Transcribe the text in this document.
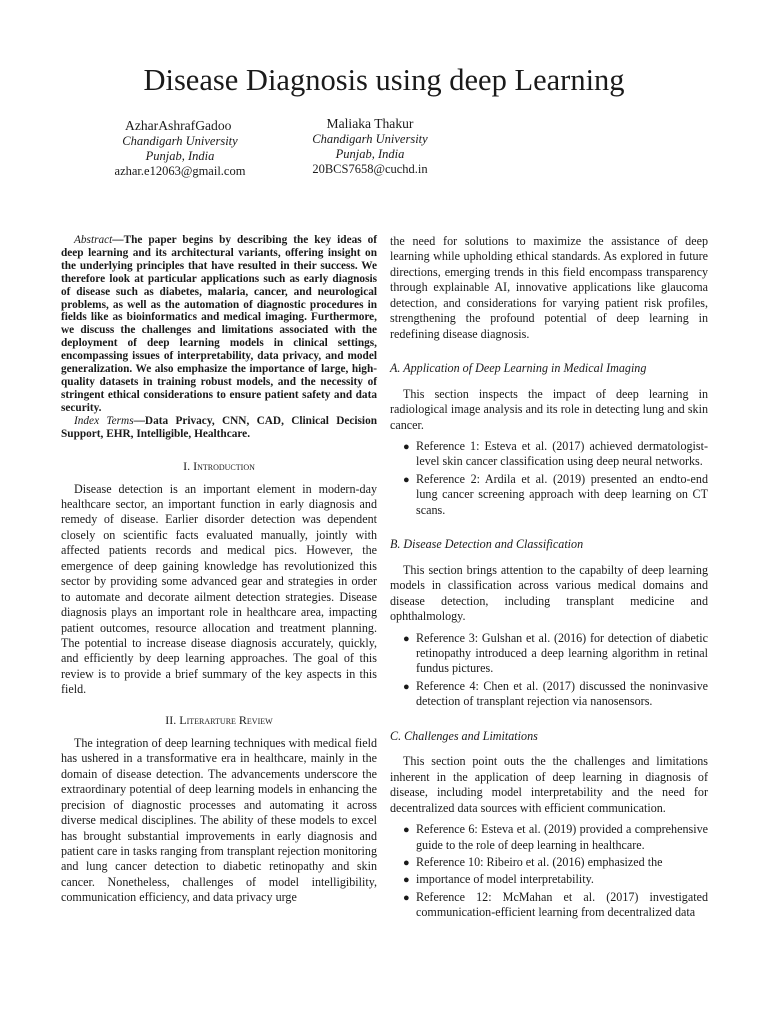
Disease Diagnosis using deep Learning
AzharAshrafGadoo
Chandigarh University
Punjab, India
azhar.e12063@gmail.com
Maliaka Thakur
Chandigarh University
Punjab, India
20BCS7658@cuchd.in

Abstract—The paper begins by describing the key ideas of deep learning and its architectural variants, offering insight on the underlying principles that have resulted in their success. We therefore look at particular applications such as early diagnosis of disease such as diabetes, malaria, cancer, and neurological problems, as well as the automation of diagnostic procedures in fields like as bioinformatics and medical imaging. Furthermore, we discuss the challenges and limitations associated with the deployment of deep learning models in clinical settings, encompassing issues of interpretability, data privacy, and model generalization. We also emphasize the importance of large, high-quality datasets in training robust models, and the necessity of stringent ethical considerations to ensure patient safety and data security.

Index Terms—Data Privacy, CNN, CAD, Clinical Decision Support, EHR, Intelligible, Healthcare.

I. Introduction

Disease detection is an important element in modern-day healthcare sector, an important function in early diagnosis and remedy of disease. Earlier disorder detection was dependent closely on scientific facts evaluated manually, jointly with affected patients records and medical pics. However, the emergence of deep gaining knowledge has revolutionized this sector by providing some advanced gear and strategies in order to automate and decorate ailment detection strategies. Disease diagnosis plays an important role in healthcare area, impacting patient outcomes, resource allocation and treatment planning. The potential to increase disease diagnosis accurately, quickly, and efficiently by deep learning approaches. The goal of this review is to provide a brief summary of the key aspects in this field.

II. Literarture Review

The integration of deep learning techniques with medical field has ushered in a transformative era in healthcare, mainly in the domain of disease detection. The advancements underscore the extraordinary potential of deep learning models in enhancing the precision of diagnostic processes and automating it across diverse medical disciplines. The ability of these models to excel has brought substantial improvements in early diagnosis and patient care in tasks ranging from transplant rejection monitoring and lung cancer detection to diabetic retinopathy and skin cancer. Nonetheless, challenges of model intelligibility, communication efficiency, and data privacy urge

the need for solutions to maximize the assistance of deep learning while upholding ethical standards. As explored in future directions, emerging trends in this field encompass transparency through explainable AI, innovative applications like glaucoma detection, and considerations for varying patient risk profiles, strengthening the profound potential of deep learning in redefining disease diagnosis.

A. Application of Deep Learning in Medical Imaging

This section inspects the impact of deep learning in radiological image analysis and its role in detecting lung and skin cancer.

● Reference 1: Esteva et al. (2017) achieved dermatologist-level skin cancer classification using deep neural networks.
● Reference 2: Ardila et al. (2019) presented an endto-end lung cancer screening approach with deep learning on CT scans.
B. Disease Detection and Classification

This section brings attention to the capabilty of deep learning models in classification across various medical domains and disease detection, including transplant medicine and ophthalmology.

● Reference 3: Gulshan et al. (2016) for detection of diabetic retinopathy introduced a deep learning algorithm in retinal fundus pictures.
● Reference 4: Chen et al. (2017) discussed the noninvasive detection of transplant rejection via nanosensors.
C. Challenges and Limitations

This section point outs the the challenges and limitations inherent in the application of deep learning in diagnosis of disease, including model interpretability and the need for decentralized data sources with efficient communication.

● Reference 6: Esteva et al. (2019) provided a comprehensive guide to the role of deep learning in healthcare.
● Reference 10: Ribeiro et al. (2016) emphasized the
● importance of model interpretability.
● Reference 12: McMahan et al. (2017) investigated communication-efficient learning from decentralized data
